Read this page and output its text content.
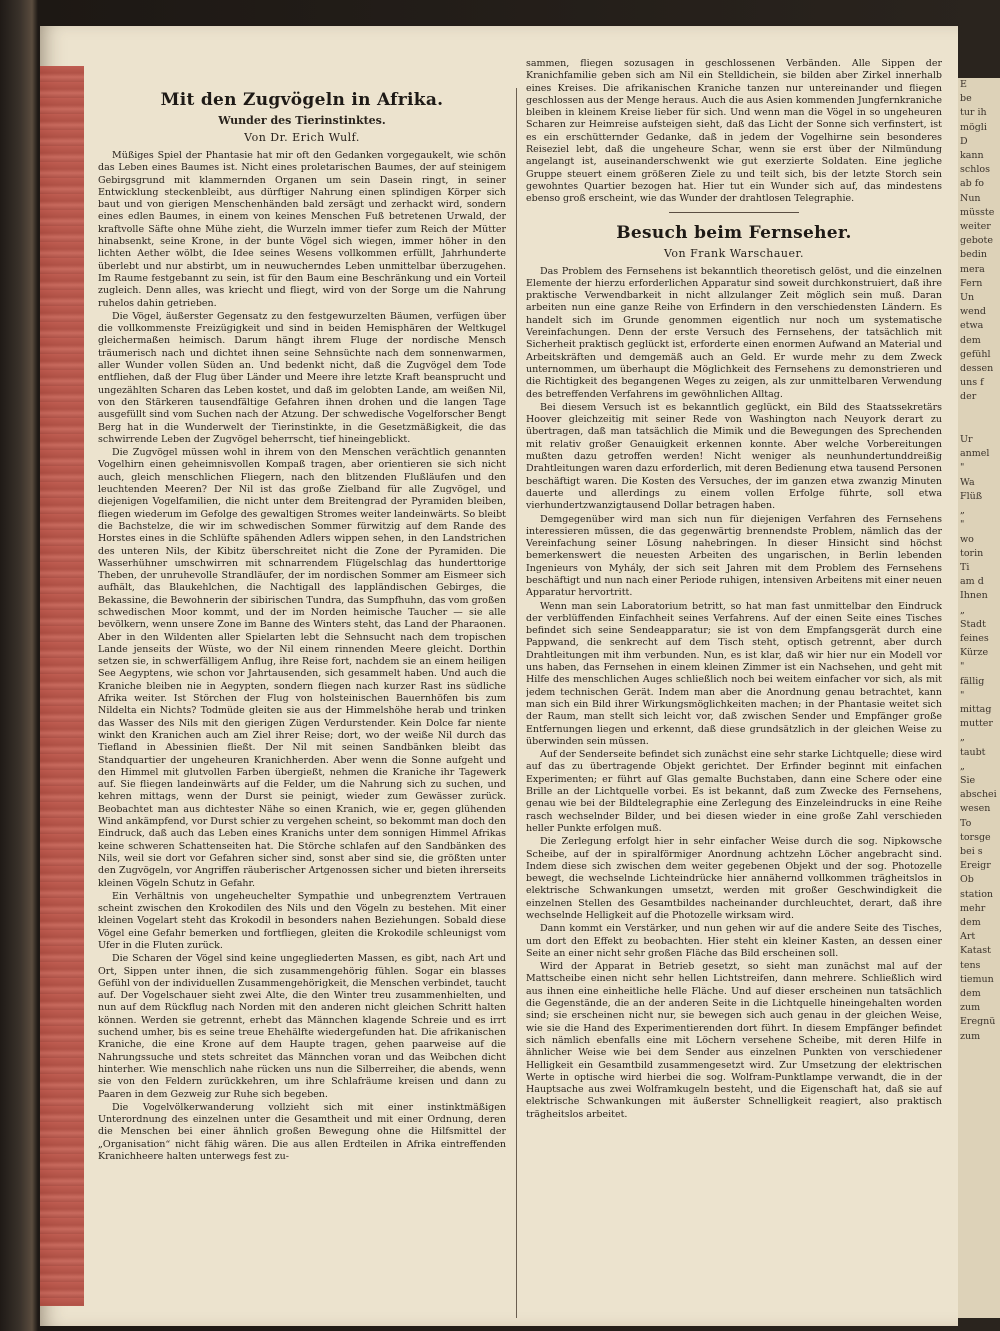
Mit den Zugvögeln in Afrika.
Wunder des Tierinstinktes.
Von Dr. Erich Wulf.

Müßiges Spiel der Phantasie hat mir oft den Gedanken vorgegaukelt, wie schön das Leben eines Baumes ist. Nicht eines proletarischen Baumes, der auf steinigem Gebirgsgrund mit klammernden Organen um sein Dasein ringt, in seiner Entwicklung steckenbleibt, aus dürftiger Nahrung einen splindigen Körper sich baut und von gierigen Menschenhänden bald zersägt und zerhackt wird, sondern eines edlen Baumes, in einem von keines Menschen Fuß betretenen Urwald, der kraftvolle Säfte ohne Mühe zieht, die Wurzeln immer tiefer zum Reich der Mütter hinabsenkt, seine Krone, in der bunte Vögel sich wiegen, immer höher in den lichten Aether wölbt, die Idee seines Wesens vollkommen erfüllt, Jahrhunderte überlebt und nur abstirbt, um in neuwucherndes Leben unmittelbar überzugehen. Im Raume festgebannt zu sein, ist für den Baum eine Beschränkung und ein Vorteil zugleich. Denn alles, was kriecht und fliegt, wird von der Sorge um die Nahrung ruhelos dahin getrieben.

Die Vögel, äußerster Gegensatz zu den festgewurzelten Bäumen, verfügen über die vollkommenste Freizügigkeit und sind in beiden Hemisphären der Weltkugel gleichermaßen heimisch. Darum hängt ihrem Fluge der nordische Mensch träumerisch nach und dichtet ihnen seine Sehnsüchte nach dem sonnenwarmen, aller Wunder vollen Süden an. Und bedenkt nicht, daß die Zugvögel dem Tode entfliehen, daß der Flug über Länder und Meere ihre letzte Kraft beansprucht und ungezählten Scharen das Leben kostet, und daß im gelobten Lande, am weißen Nil, von den Stärkeren tausendfältige Gefahren ihnen drohen und die langen Tage ausgefüllt sind vom Suchen nach der Atzung. Der schwedische Vogelforscher Bengt Berg hat in die Wunderwelt der Tierinstinkte, in die Gesetzmäßigkeit, die das schwirrende Leben der Zugvögel beherrscht, tief hineingeblickt.

Die Zugvögel müssen wohl in ihrem von den Menschen verächtlich genannten Vogelhirn einen geheimnisvollen Kompaß tragen, aber orientieren sie sich nicht auch, gleich menschlichen Fliegern, nach den blitzenden Flußläufen und den leuchtenden Meeren? Der Nil ist das große Zielband für alle Zugvögel, und diejenigen Vogelfamilien, die nicht unter dem Breitengrad der Pyramiden bleiben, fliegen wiederum im Gefolge des gewaltigen Stromes weiter landeinwärts. So bleibt die Bachstelze, die wir im schwedischen Sommer fürwitzig auf dem Rande des Horstes eines in die Schlüfte spähenden Adlers wippen sehen, in den Landstrichen des unteren Nils, der Kibitz überschreitet nicht die Zone der Pyramiden. Die Wasserhühner umschwirren mit schnarrendem Flügelschlag das hunderttorige Theben, der unruhevolle Strandläufer, der im nordischen Sommer am Eismeer sich aufhält, das Blaukehlchen, die Nachtigall des lappländischen Gebirges, die Bekassine, die Bewohnerin der sibirischen Tundra, das Sumpfhuhn, das vom großen schwedischen Moor kommt, und der im Norden heimische Taucher — sie alle bevölkern, wenn unsere Zone im Banne des Winters steht, das Land der Pharaonen. Aber in den Wildenten aller Spielarten lebt die Sehnsucht nach dem tropischen Lande jenseits der Wüste, wo der Nil einem rinnenden Meere gleicht. Dorthin setzen sie, in schwerfälligem Anflug, ihre Reise fort, nachdem sie an einem heiligen See Aegyptens, wie schon vor Jahrtausenden, sich gesammelt haben. Und auch die Kraniche bleiben nie in Aegypten, sondern fliegen nach kurzer Rast ins südliche Afrika weiter. Ist Störchen der Flug von holsteinischen Bauernhöfen bis zum Nildelta ein Nichts? Todmüde gleiten sie aus der Himmelshöhe herab und trinken das Wasser des Nils mit den gierigen Zügen Verdurstender. Kein Dolce far niente winkt den Kranichen auch am Ziel ihrer Reise; dort, wo der weiße Nil durch das Tiefland in Abessinien fließt. Der Nil mit seinen Sandbänken bleibt das Standquartier der ungeheuren Kranichherden. Aber wenn die Sonne aufgeht und den Himmel mit glutvollen Farben übergießt, nehmen die Kraniche ihr Tagewerk auf. Sie fliegen landeinwärts auf die Felder, um die Nahrung sich zu suchen, und kehren mittags, wenn der Durst sie peinigt, wieder zum Gewässer zurück. Beobachtet man aus dichtester Nähe so einen Kranich, wie er, gegen glühenden Wind ankämpfend, vor Durst schier zu vergehen scheint, so bekommt man doch den Eindruck, daß auch das Leben eines Kranichs unter dem sonnigen Himmel Afrikas keine schweren Schattenseiten hat. Die Störche schlafen auf den Sandbänken des Nils, weil sie dort vor Gefahren sicher sind, sonst aber sind sie, die größten unter den Zugvögeln, vor Angriffen räuberischer Artgenossen sicher und bieten ihrerseits kleinen Vögeln Schutz in Gefahr.

Ein Verhältnis von ungeheuchelter Sympathie und unbegrenztem Vertrauen scheint zwischen den Krokodilen des Nils und den Vögeln zu bestehen. Mit einer kleinen Vogelart steht das Krokodil in besonders nahen Beziehungen. Sobald diese Vögel eine Gefahr bemerken und fortfliegen, gleiten die Krokodile schleunigst vom Ufer in die Fluten zurück.

Die Scharen der Vögel sind keine ungegliederten Massen, es gibt, nach Art und Ort, Sippen unter ihnen, die sich zusammengehörig fühlen. Sogar ein blasses Gefühl von der individuellen Zusammengehörigkeit, die Menschen verbindet, taucht auf. Der Vogelschauer sieht zwei Alte, die den Winter treu zusammenhielten, und nun auf dem Rückflug nach Norden mit den anderen nicht gleichen Schritt halten können. Werden sie getrennt, erhebt das Männchen klagende Schreie und es irrt suchend umher, bis es seine treue Ehehälfte wiedergefunden hat. Die afrikanischen Kraniche, die eine Krone auf dem Haupte tragen, gehen paarweise auf die Nahrungssuche und stets schreitet das Männchen voran und das Weibchen dicht hinterher. Wie menschlich nahe rücken uns nun die Silberreiher, die abends, wenn sie von den Feldern zurückkehren, um ihre Schlafräume kreisen und dann zu Paaren in dem Gezweig zur Ruhe sich begeben.

Die Vogelvölkerwanderung vollzieht sich mit einer instinktmäßigen Unterordnung des einzelnen unter die Gesamtheit und mit einer Ordnung, deren die Menschen bei einer ähnlich großen Bewegung ohne die Hilfsmittel der „Organisation“ nicht fähig wären. Die aus allen Erdteilen in Afrika eintreffenden Kranichheere halten unterwegs fest zu-

sammen, fliegen sozusagen in geschlossenen Verbänden. Alle Sippen der Kranichfamilie geben sich am Nil ein Stelldichein, sie bilden aber Zirkel innerhalb eines Kreises. Die afrikanischen Kraniche tanzen nur untereinander und fliegen geschlossen aus der Menge heraus. Auch die aus Asien kommenden Jungfernkraniche bleiben in kleinem Kreise lieber für sich. Und wenn man die Vögel in so ungeheuren Scharen zur Heimreise aufsteigen sieht, daß das Licht der Sonne sich verfinstert, ist es ein erschütternder Gedanke, daß in jedem der Vogelhirne sein besonderes Reiseziel lebt, daß die ungeheure Schar, wenn sie erst über der Nilmündung angelangt ist, auseinanderschwenkt wie gut exerzierte Soldaten. Eine jegliche Gruppe steuert einem größeren Ziele zu und teilt sich, bis der letzte Storch sein gewohntes Quartier bezogen hat. Hier tut ein Wunder sich auf, das mindestens ebenso groß erscheint, wie das Wunder der drahtlosen Telegraphie.

Besuch beim Fernseher.
Von Frank Warschauer.

Das Problem des Fernsehens ist bekanntlich theoretisch gelöst, und die einzelnen Elemente der hierzu erforderlichen Apparatur sind soweit durchkonstruiert, daß ihre praktische Verwendbarkeit in nicht allzulanger Zeit möglich sein muß. Daran arbeiten nun eine ganze Reihe von Erfindern in den verschiedensten Ländern. Es handelt sich im Grunde genommen eigentlich nur noch um systematische Vereinfachungen. Denn der erste Versuch des Fernsehens, der tatsächlich mit Sicherheit praktisch geglückt ist, erforderte einen enormen Aufwand an Material und Arbeitskräften und demgemäß auch an Geld. Er wurde mehr zu dem Zweck unternommen, um überhaupt die Möglichkeit des Fernsehens zu demonstrieren und die Richtigkeit des begangenen Weges zu zeigen, als zur unmittelbaren Verwendung des betreffenden Verfahrens im gewöhnlichen Alltag.

Bei diesem Versuch ist es bekanntlich geglückt, ein Bild des Staatssekretärs Hoover gleichzeitig mit seiner Rede von Washington nach Neuyork derart zu übertragen, daß man tatsächlich die Mimik und die Bewegungen des Sprechenden mit relativ großer Genauigkeit erkennen konnte. Aber welche Vorbereitungen mußten dazu getroffen werden! Nicht weniger als neunhundertunddreißig Drahtleitungen waren dazu erforderlich, mit deren Bedienung etwa tausend Personen beschäftigt waren. Die Kosten des Versuches, der im ganzen etwa zwanzig Minuten dauerte und allerdings zu einem vollen Erfolge führte, soll etwa vierhundertzwanzigtausend Dollar betragen haben.

Demgegenüber wird man sich nun für diejenigen Verfahren des Fernsehens interessieren müssen, die das gegenwärtig brennendste Problem, nämlich das der Vereinfachung seiner Lösung nahebringen. In dieser Hinsicht sind höchst bemerkenswert die neuesten Arbeiten des ungarischen, in Berlin lebenden Ingenieurs von Myhály, der sich seit Jahren mit dem Problem des Fernsehens beschäftigt und nun nach einer Periode ruhigen, intensiven Arbeitens mit einer neuen Apparatur hervortritt.

Wenn man sein Laboratorium betritt, so hat man fast unmittelbar den Eindruck der verblüffenden Einfachheit seines Verfahrens. Auf der einen Seite eines Tisches befindet sich seine Sendeapparatur; sie ist von dem Empfangsgerät durch eine Pappwand, die senkrecht auf dem Tisch steht, optisch getrennt, aber durch Drahtleitungen mit ihm verbunden. Nun, es ist klar, daß wir hier nur ein Modell vor uns haben, das Fernsehen in einem kleinen Zimmer ist ein Nachsehen, und geht mit Hilfe des menschlichen Auges schließlich noch bei weitem einfacher vor sich, als mit jedem technischen Gerät. Indem man aber die Anordnung genau betrachtet, kann man sich ein Bild ihrer Wirkungsmöglichkeiten machen; in der Phantasie weitet sich der Raum, man stellt sich leicht vor, daß zwischen Sender und Empfänger große Entfernungen liegen und erkennt, daß diese grundsätzlich in der gleichen Weise zu überwinden sein müssen.

Auf der Senderseite befindet sich zunächst eine sehr starke Lichtquelle; diese wird auf das zu übertragende Objekt gerichtet. Der Erfinder beginnt mit einfachen Experimenten; er führt auf Glas gemalte Buchstaben, dann eine Schere oder eine Brille an der Lichtquelle vorbei. Es ist bekannt, daß zum Zwecke des Fernsehens, genau wie bei der Bildtelegraphie eine Zerlegung des Einzeleindrucks in eine Reihe rasch wechselnder Bilder, und bei diesen wieder in eine große Zahl verschieden heller Punkte erfolgen muß.

Die Zerlegung erfolgt hier in sehr einfacher Weise durch die sog. Nipkowsche Scheibe, auf der in spiralförmiger Anordnung achtzehn Löcher angebracht sind. Indem diese sich zwischen dem weiter gegebenen Objekt und der sog. Photozelle bewegt, die wechselnde Lichteindrücke hier annähernd vollkommen trägheitslos in elektrische Schwankungen umsetzt, werden mit großer Geschwindigkeit die einzelnen Stellen des Gesamtbildes nacheinander durchleuchtet, derart, daß ihre wechselnde Helligkeit auf die Photozelle wirksam wird.

Dann kommt ein Verstärker, und nun gehen wir auf die andere Seite des Tisches, um dort den Effekt zu beobachten. Hier steht ein kleiner Kasten, an dessen einer Seite an einer nicht sehr großen Fläche das Bild erscheinen soll.

Wird der Apparat in Betrieb gesetzt, so sieht man zunächst mal auf der Mattscheibe einen nicht sehr hellen Lichtstreifen, dann mehrere. Schließlich wird aus ihnen eine einheitliche helle Fläche. Und auf dieser erscheinen nun tatsächlich die Gegenstände, die an der anderen Seite in die Lichtquelle hineingehalten worden sind; sie erscheinen nicht nur, sie bewegen sich auch genau in der gleichen Weise, wie sie die Hand des Experimentierenden dort führt. In diesem Empfänger befindet sich nämlich ebenfalls eine mit Löchern versehene Scheibe, mit deren Hilfe in ähnlicher Weise wie bei dem Sender aus einzelnen Punkten von verschiedener Helligkeit ein Gesamtbild zusammengesetzt wird. Zur Umsetzung der elektrischen Werte in optische wird hierbei die sog. Wolfram-Punktlampe verwandt, die in der Hauptsache aus zwei Wolframkugeln besteht, und die Eigenschaft hat, daß sie auf elektrische Schwankungen mit äußerster Schnelligkeit reagiert, also praktisch trägheitslos arbeitet.

E
be
tur ih
mögli
D
kann
schlos
ab fo
Nun
müsste
weiter
gebote
bedin
mera
Fern
Un
wend
etwa
dem
gefühl
dessen
uns f
der

Ur
anmel
"
Wa
Flüß
„
"
wo
torin
Ti
am d
Ihnen
„
Stadt
feines
Kürze
"
fällig
"
mittag
mutter
„
taubt
„
Sie
abschei
wesen
To
torsge
bei s
Ereigr
Ob
station
mehr
dem
Art
Katast
tens
tiemun
dem
zum
Eregnü
zum
